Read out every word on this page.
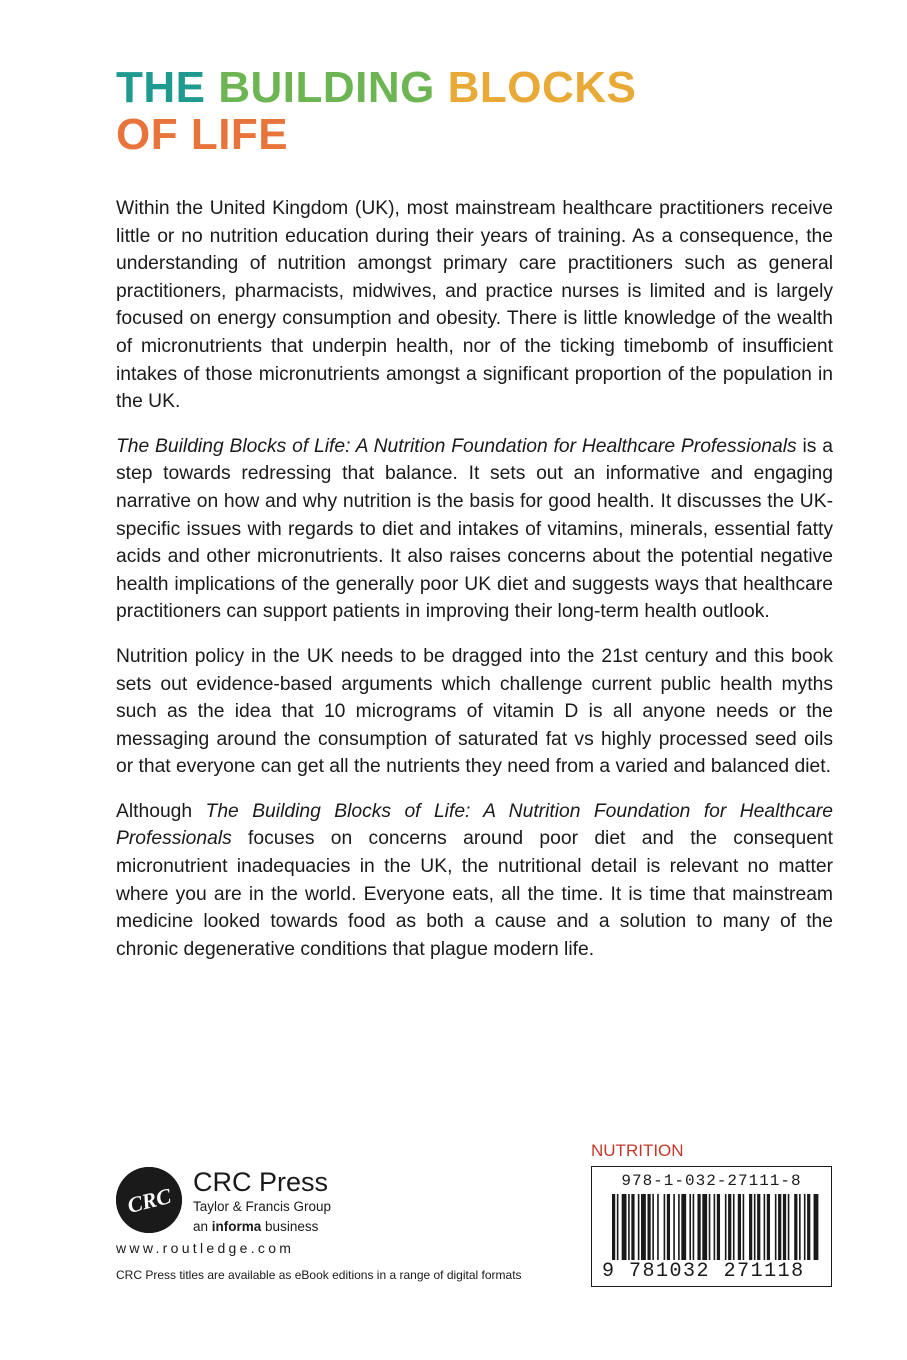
THE BUILDING BLOCKS
OF LIFE

Within the United Kingdom (UK), most mainstream healthcare practitioners receive little or no nutrition education during their years of training. As a consequence, the understanding of nutrition amongst primary care practitioners such as general practitioners, pharmacists, midwives, and practice nurses is limited and is largely focused on energy consumption and obesity. There is little knowledge of the wealth of micronutrients that underpin health, nor of the ticking timebomb of insufficient intakes of those micronutrients amongst a significant proportion of the population in the UK.

The Building Blocks of Life: A Nutrition Foundation for Healthcare Professionals is a step towards redressing that balance. It sets out an informative and engaging narrative on how and why nutrition is the basis for good health. It discusses the UK-specific issues with regards to diet and intakes of vitamins, minerals, essential fatty acids and other micronutrients. It also raises concerns about the potential negative health implications of the generally poor UK diet and suggests ways that healthcare practitioners can support patients in improving their long-term health outlook.

Nutrition policy in the UK needs to be dragged into the 21st century and this book sets out evidence-based arguments which challenge current public health myths such as the idea that 10 micrograms of vitamin D is all anyone needs or the messaging around the consumption of saturated fat vs highly processed seed oils or that everyone can get all the nutrients they need from a varied and balanced diet.

Although The Building Blocks of Life: A Nutrition Foundation for Healthcare Professionals focuses on concerns around poor diet and the consequent micronutrient inadequacies in the UK, the nutritional detail is relevant no matter where you are in the world. Everyone eats, all the time. It is time that mainstream medicine looked towards food as both a cause and a solution to many of the chronic degenerative conditions that plague modern life.

CRC
CRC Press
Taylor & Francis Group
an informa business
www.routledge.com
CRC Press titles are available as eBook editions in a range of digital formats
NUTRITION
978-1-032-27111-8
9 781032 271118
